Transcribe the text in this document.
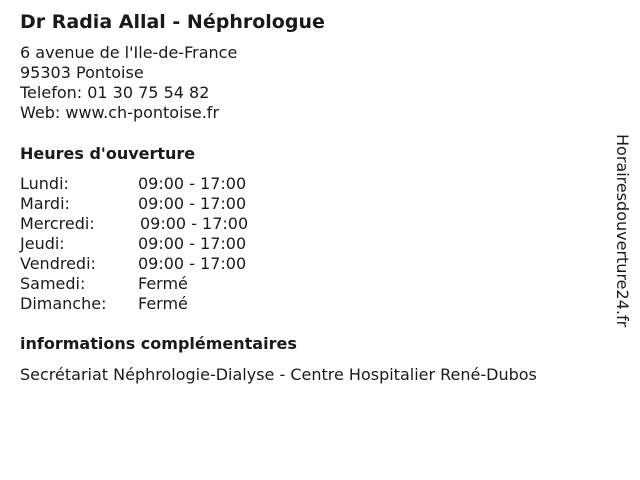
Dr Radia Allal - Néphrologue
6 avenue de l'Ile-de-France
95303 Pontoise
Telefon: 01 30 75 54 82
Web: www.ch-pontoise.fr
Heures d'ouverture
Lundi:	09:00 - 17:00
Mardi:	09:00 - 17:00
Mercredi:	09:00 - 17:00
Jeudi:	09:00 - 17:00
Vendredi:	09:00 - 17:00
Samedi:	Fermé
Dimanche: Fermé
informations complémentaires
Secrétariat Néphrologie-Dialyse - Centre Hospitalier René-Dubos
Horairesdouverture24.fr
